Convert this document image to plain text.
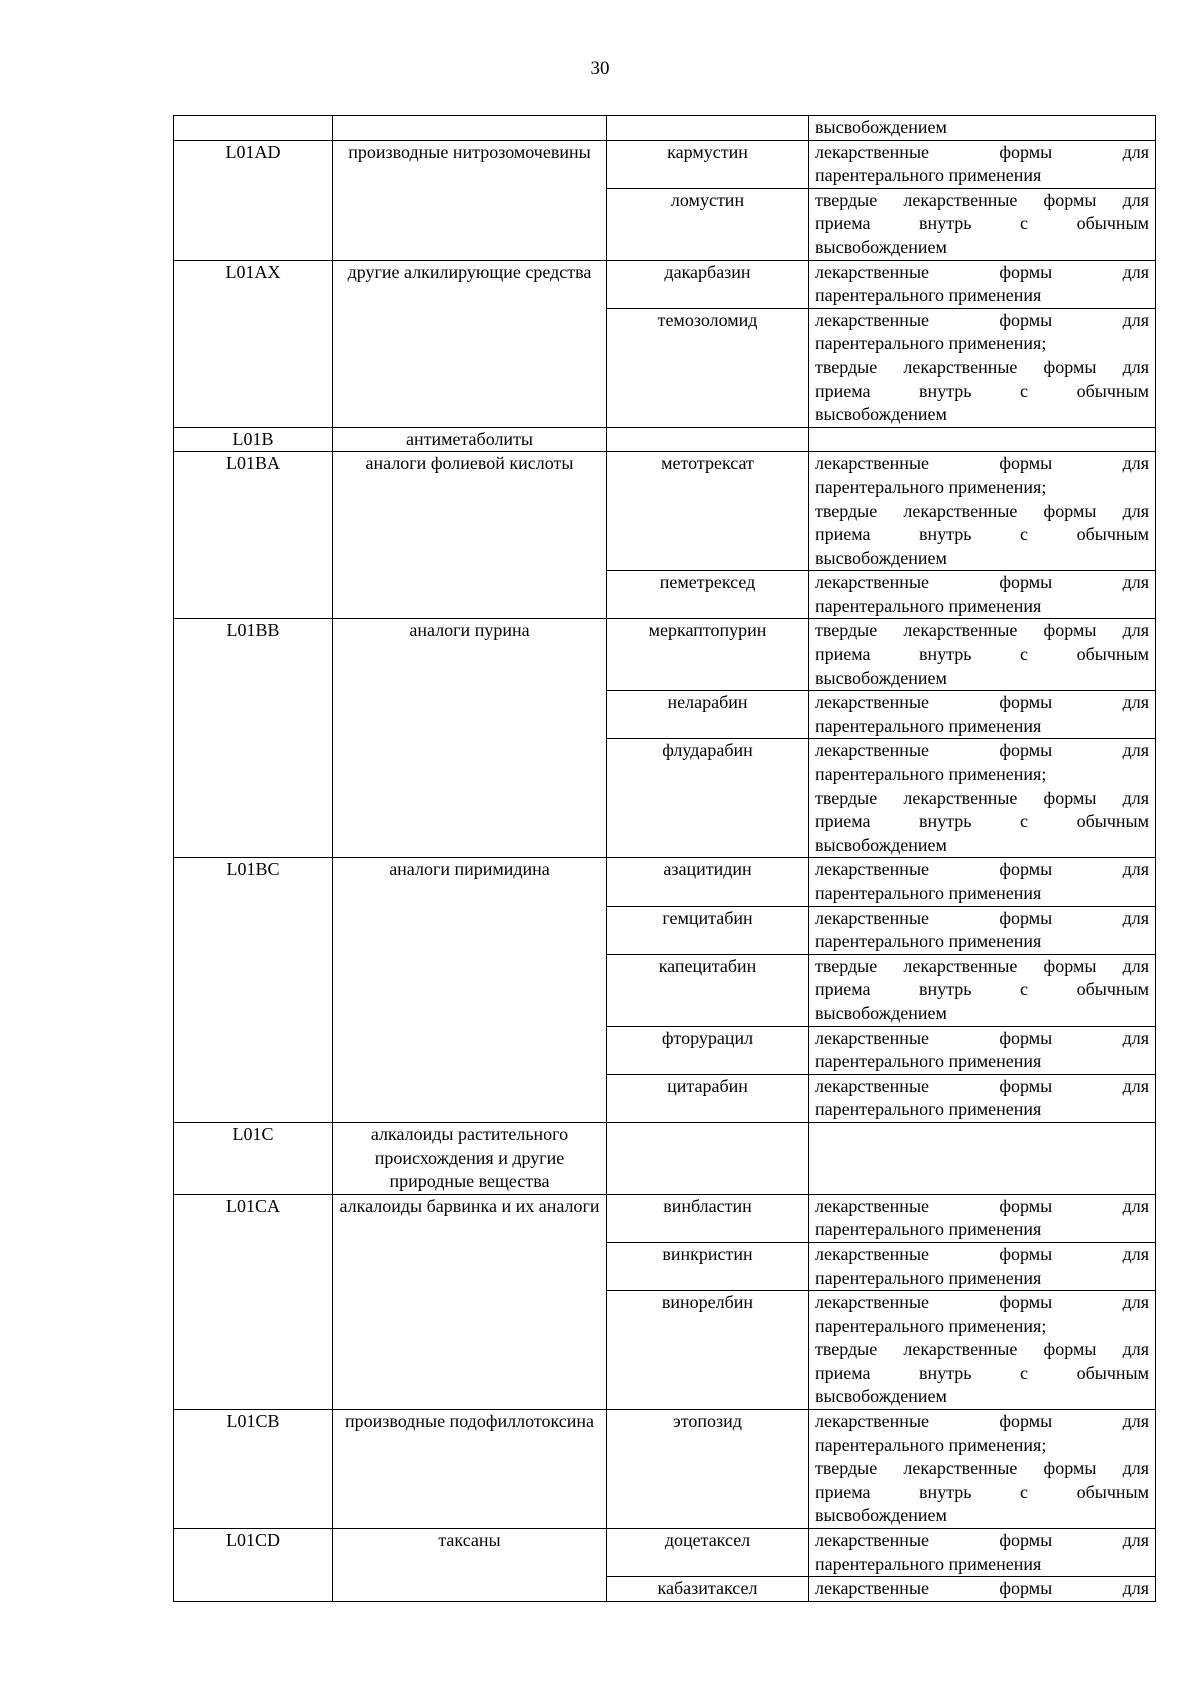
30

			высвобождением

L01AD	производные нитрозомочевины	кармустин	лекарственные формы для
парентерального применения

		ломустин	твердые лекарственные формы для
приема внутрь с обычным
высвобождением

L01AX	другие алкилирующие средства	дакарбазин	лекарственные формы для
парентерального применения

		темозоломид	лекарственные формы для
парентерального применения;
твердые лекарственные формы для
приема внутрь с обычным
высвобождением

L01B	антиметаболиты		
L01BA	аналоги фолиевой кислоты	метотрексат	лекарственные формы для
парентерального применения;
твердые лекарственные формы для
приема внутрь с обычным
высвобождением

		пеметрексед	лекарственные формы для
парентерального применения

L01BB	аналоги пурина	меркаптопурин	твердые лекарственные формы для
приема внутрь с обычным
высвобождением

		неларабин	лекарственные формы для
парентерального применения

		флударабин	лекарственные формы для
парентерального применения;
твердые лекарственные формы для
приема внутрь с обычным
высвобождением

L01BC	аналоги пиримидина	азацитидин	лекарственные формы для
парентерального применения

		гемцитабин	лекарственные формы для
парентерального применения

		капецитабин	твердые лекарственные формы для
приема внутрь с обычным
высвобождением

		фторурацил	лекарственные формы для
парентерального применения

		цитарабин	лекарственные формы для
парентерального применения

L01C	алкалоиды растительного происхождения и другие природные вещества		
L01CA	алкалоиды барвинка и их аналоги	винбластин	лекарственные формы для
парентерального применения

		винкристин	лекарственные формы для
парентерального применения

		винорелбин	лекарственные формы для
парентерального применения;
твердые лекарственные формы для
приема внутрь с обычным
высвобождением

L01CB	производные подофиллотоксина	этопозид	лекарственные формы для
парентерального применения;
твердые лекарственные формы для
приема внутрь с обычным
высвобождением

L01CD	таксаны	доцетаксел	лекарственные формы для
парентерального применения

		кабазитаксел	лекарственные формы для
